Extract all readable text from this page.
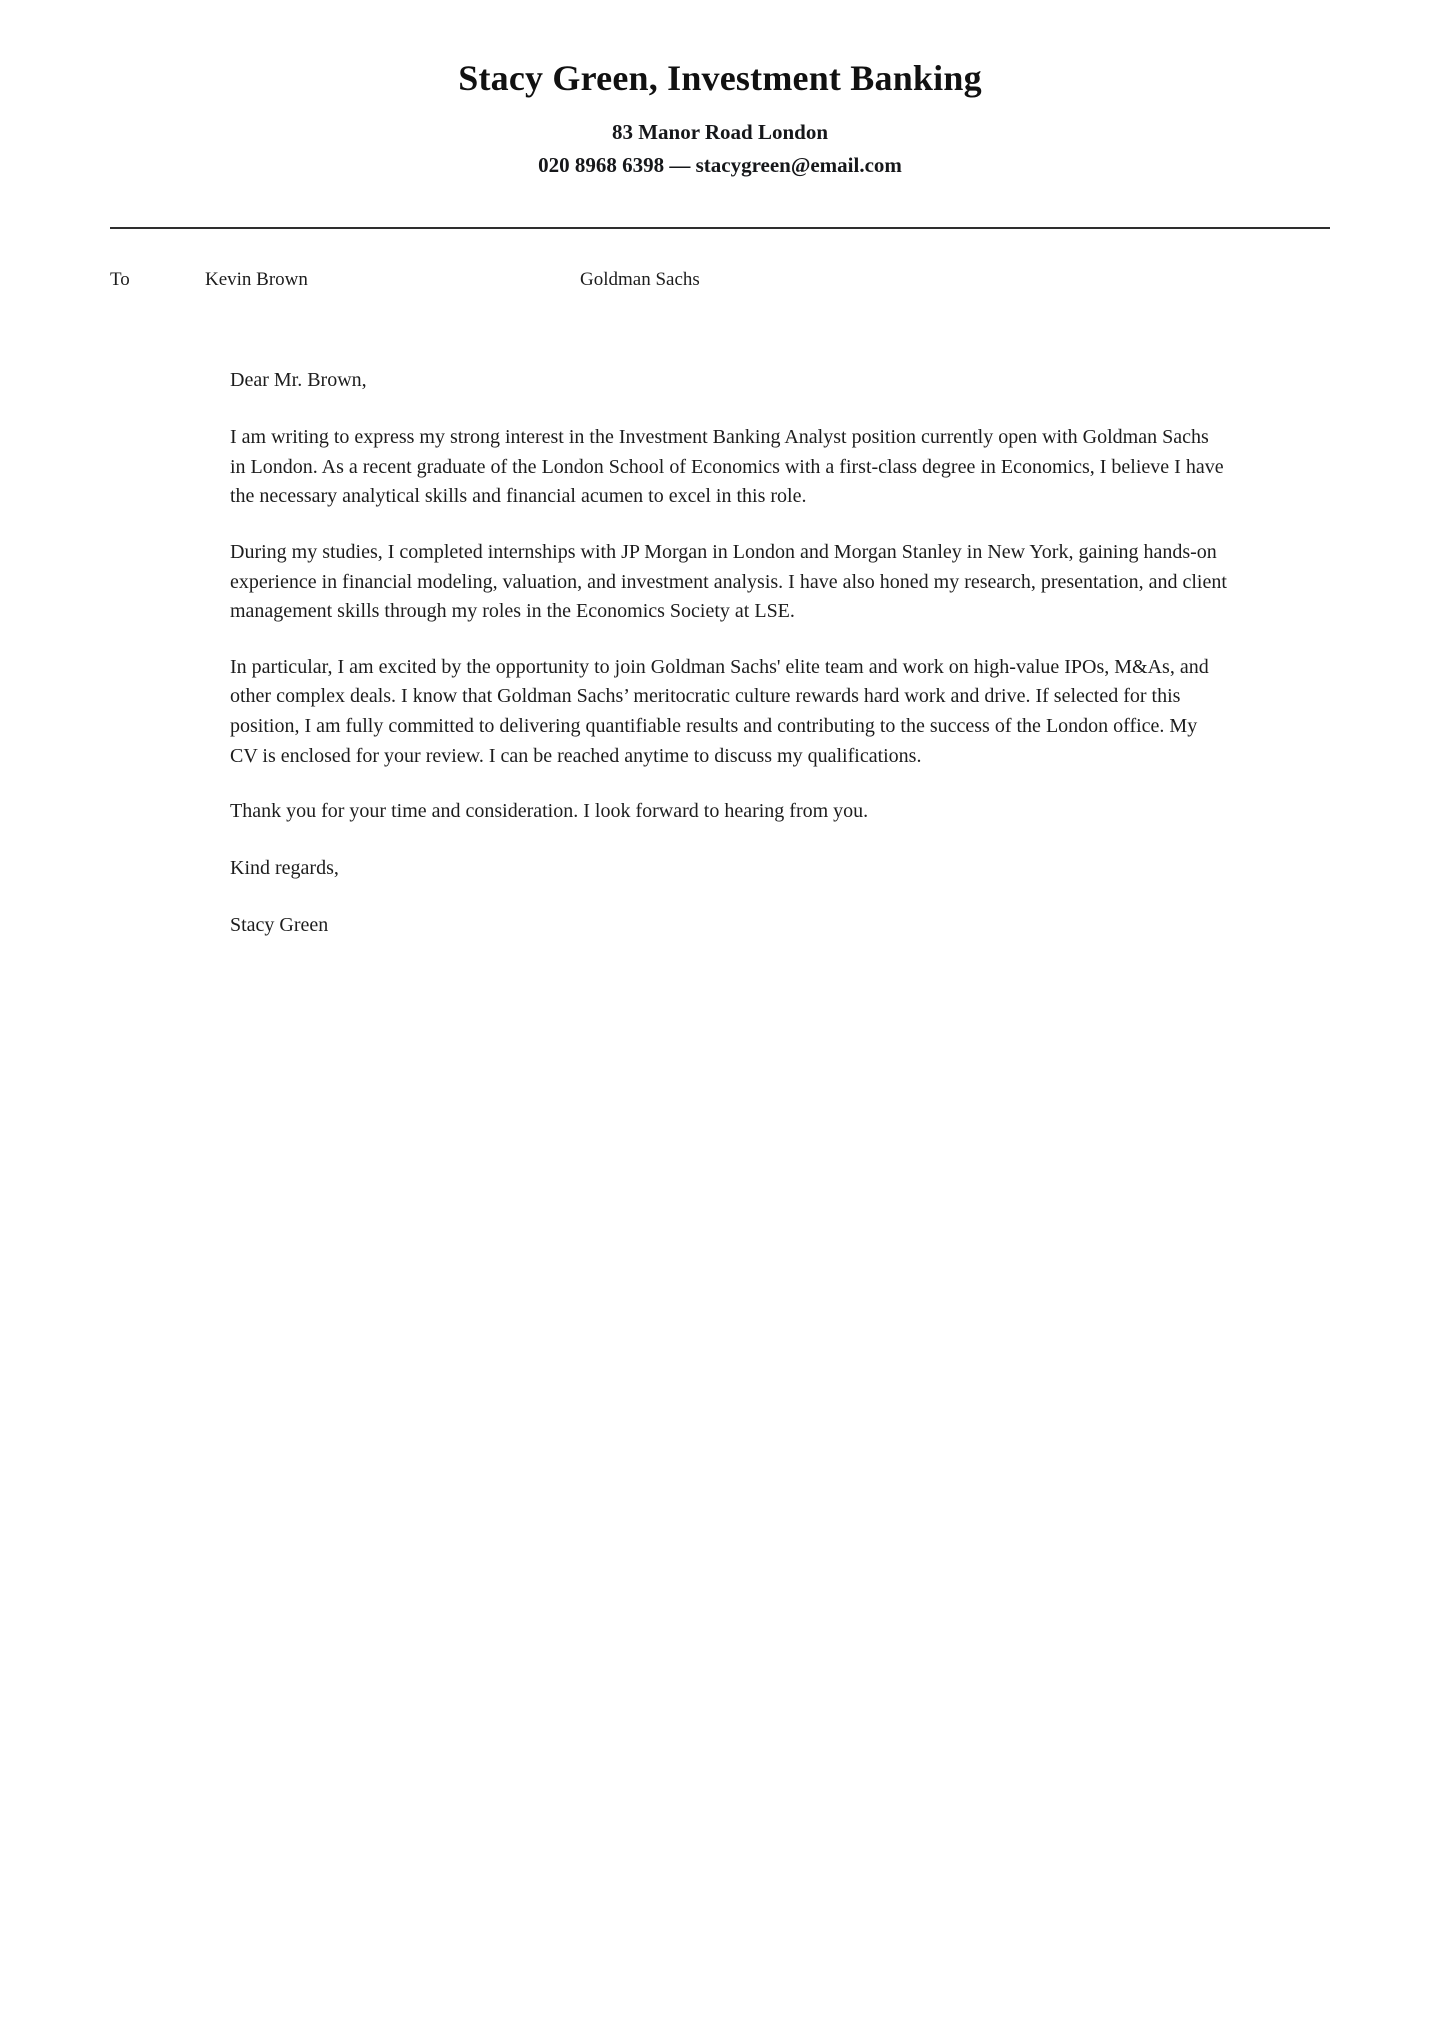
Stacy Green, Investment Banking

83 Manor Road London

020 8968 6398 — stacygreen@email.com

To	Kevin Brown	Goldman Sachs

Dear Mr. Brown,

I am writing to express my strong interest in the Investment Banking Analyst position currently open with Goldman Sachs in London. As a recent graduate of the London School of Economics with a first-class degree in Economics, I believe I have the necessary analytical skills and financial acumen to excel in this role.

During my studies, I completed internships with JP Morgan in London and Morgan Stanley in New York, gaining hands-on experience in financial modeling, valuation, and investment analysis. I have also honed my research, presentation, and client management skills through my roles in the Economics Society at LSE.

In particular, I am excited by the opportunity to join Goldman Sachs' elite team and work on high-value IPOs, M&As, and other complex deals. I know that Goldman Sachs’ meritocratic culture rewards hard work and drive. If selected for this position, I am fully committed to delivering quantifiable results and contributing to the success of the London office. My CV is enclosed for your review. I can be reached anytime to discuss my qualifications.

Thank you for your time and consideration. I look forward to hearing from you.

Kind regards,

Stacy Green
